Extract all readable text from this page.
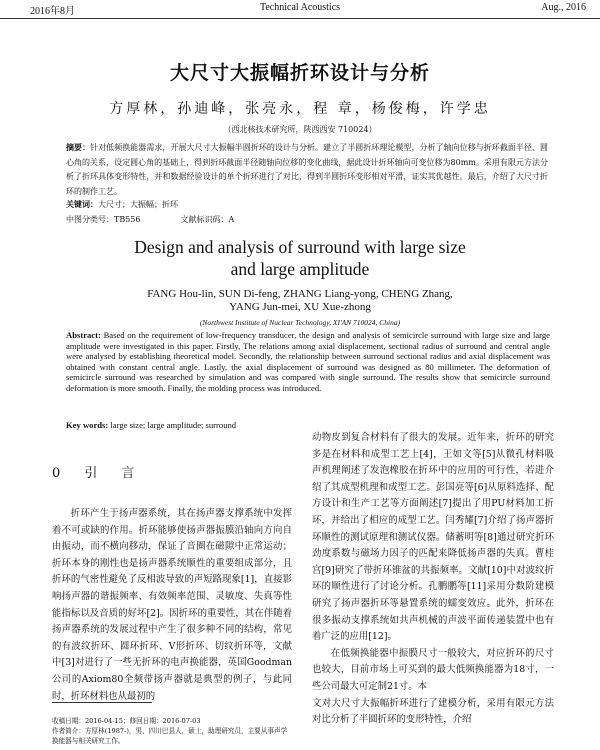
2016年8月	Technical Acoustics	Aug., 2016
大尺寸大振幅折环设计与分析
方厚林，孙迪峰，张亮永，程 章，杨俊梅，许学忠
（西北核技术研究所，陕西西安 710024）
摘要：针对低频换能器需求，开展大尺寸大振幅半圆折环的设计与分析。建立了半圆折环理论模型，分析了轴向位移与折环截面半径、圆心角的关系，设定圆心角的基础上，得到折环截面半径随轴向位移的变化曲线，据此设计折环轴向可变位移为80mm。采用有限元方法分析了折环具体变形特性，并和数据经验设计的单个折环进行了对比，得到半圆折环变形相对平滑，证实其优越性。最后，介绍了大尺寸折环的制作工艺。
关键词：大尺寸；大振幅；折环
中图分类号：TB556	文献标识码：A
Design and analysis of surround with large size
and large amplitude
FANG Hou-lin, SUN Di-feng, ZHANG Liang-yong, CHENG Zhang,
YANG Jun-mei, XU Xue-zhong
(Northwest Institute of Nuclear Technology, XI'AN 710024, China)
Abstract: Based on the requirement of low-frequency transducer, the design and analysis of semicircle surround with large size and large amplitude were investigated in this paper. Firstly, The relations among axial displacement, sectional radius of surround and central angle were analysed by establishing theoretical model. Secondly, the relationship between surround sectional radius and axial displacement was obtained with constant central angle. Lastly, the axial displacement of surround was designed as 80 millimeter. The deformation of semicircle surround was researched by simulation and was compared with single surround. The results show that semicircle surround deformation is more smooth. Finally, the molding process was introduced.
Key words: large size; large amplitude; surround
0 引 言

折环产生于扬声器系统，其在扬声器支撑系统中发挥着不可或缺的作用。折环能够使扬声器振膜沿轴向方向自由振动，而不横向移动，保证了音圈在磁隙中正常运动；折环本身的刚性也是扬声器系统顺性的重要组成部分，且折环的气密性避免了反相波导致的声短路现象[1]，直接影响扬声器的谐振频率、有效频率范围、灵敏度、失真等性能指标以及音质的好坏[2]。因折环的重要性，其在伴随着扬声器系统的发展过程中产生了很多种不同的结构，常见的有波纹折环、圆环折环、V形折环、切纹折环等，文献中[3]对进行了一些无折环的电声换能器，英国Goodman公司的Axiom80全频带扬声器就是典型的例子，与此同时，折环材料也从最初的

动物皮到复合材料有了很大的发展。近年来，折环的研究多是在材料和成型工艺上[4]，王如文等[5]从微孔材料吸声机理阐述了发泡橡胶在折环中的应用的可行性，若进介绍了其成型机理和成型工艺。彭国亮等[6]从原料选择、配方设计和生产工艺等方面阐述[7]提出了用PU材料加工折环，并给出了相应的成型工艺。闫秀耀[7]介绍了扬声器折环顺性的测试原理和测试仪器。储蓄明等[8]通过研究折环劲度系数与磁场力因子的匹配来降低扬声器的失真。曹桂宫[9]研究了带折环锥盆的共振频率。文献[10]中对波纹折环的顺性进行了讨论分析。孔鹏鹏等[11]采用分数阶建模研究了扬声器折环等悬置系统的蠕变效应。此外，折环在很多振动支撑系统如共声机械的声波平面传递装置中也有着广泛的应用[12]。

在低频换能器中振膜尺寸一般较大，对应折环的尺寸也较大，目前市场上可买到的最大低频换能器为18寸，一些公司最大可定制21寸。本

文对大尺寸大振幅折环进行了建模分析，采用有限元方法对比分析了半圆折环的变形特性，介绍

收稿日期：2016-04-15；修回日期：2016-07-03
作者简介：方厚林(1987-)，男，四川巴县人，硕士，助理研究员，主要从事声学换能器与相关研究工作。
